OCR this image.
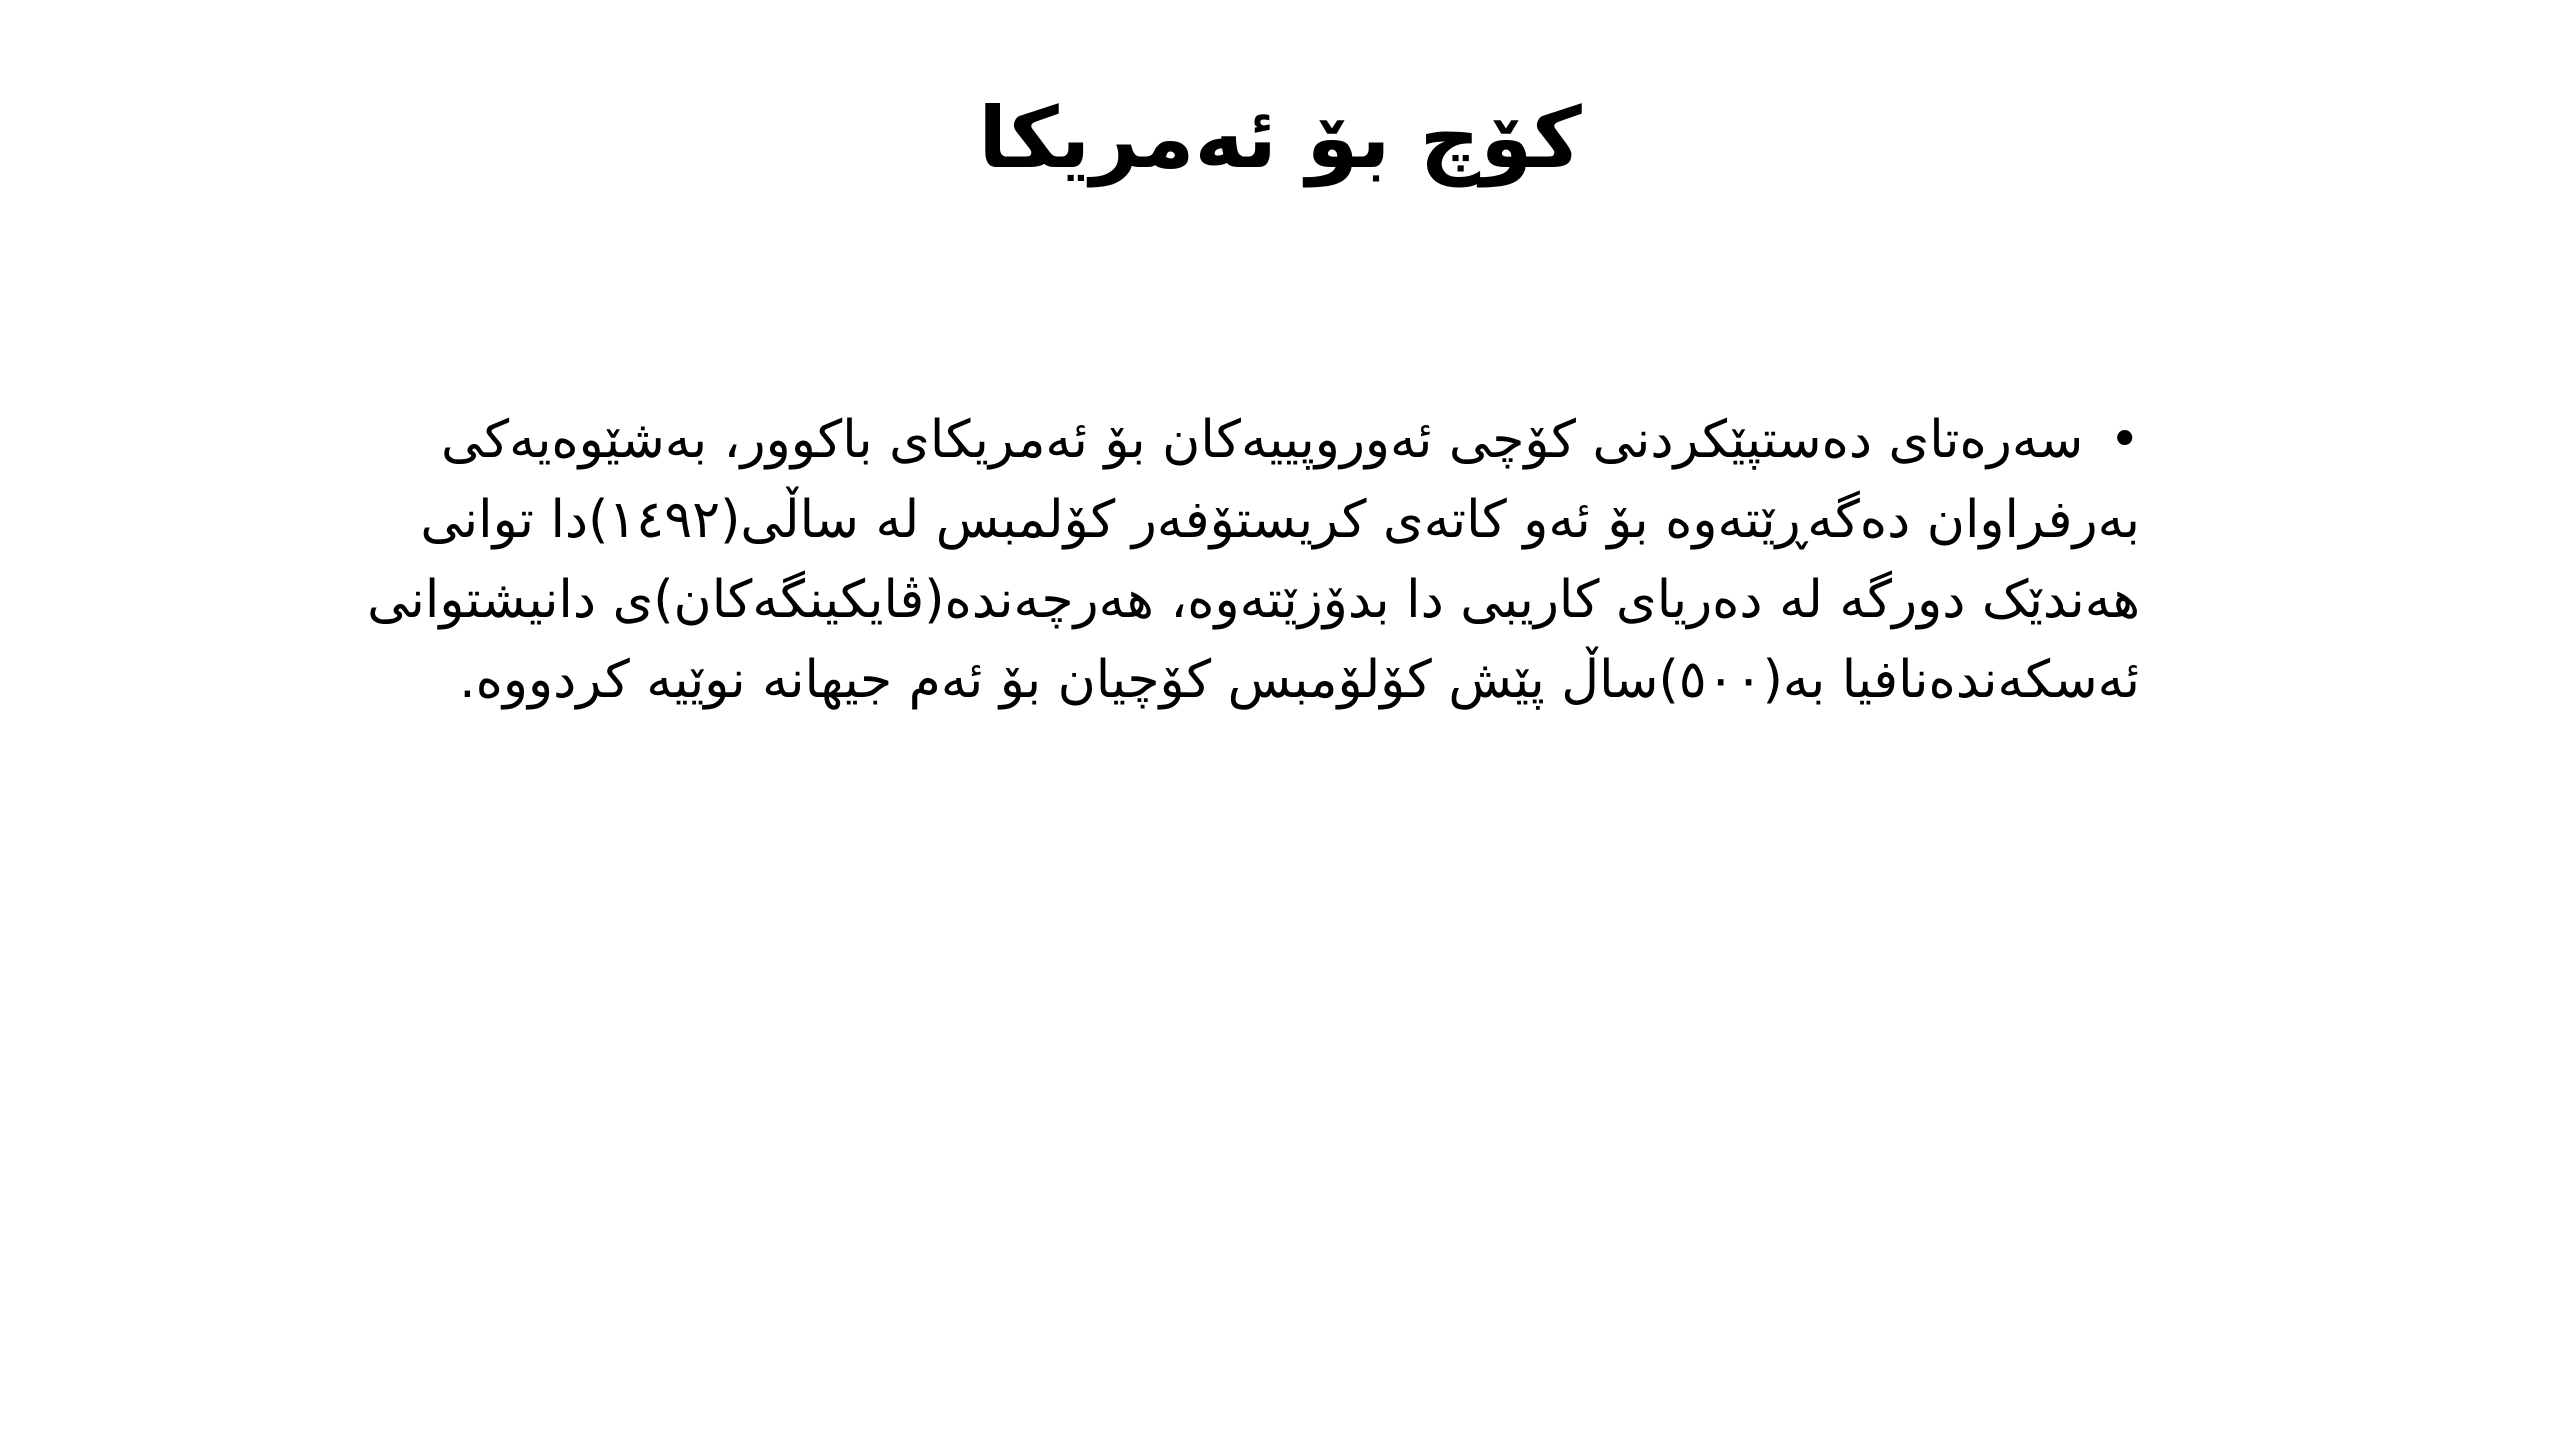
کۆچ بۆ ئەمریکا
•سەرەتای دەستپێکردنی کۆچی ئەوروپییەکان بۆ ئەمریکای باکوور، بەشێوەیەکی
بەرفراوان دەگەڕێتەوە بۆ ئەو کاتەی کریستۆفەر کۆلمبس لە ساڵی(١٤٩٢)دا توانی
هەندێک دورگە لە دەریای کاریبی دا بدۆزێتەوە، هەرچەندە(ڤایکینگەکان)ی دانیشتوانی
ئەسکەندەنافیا بە(٥٠٠)ساڵ پێش کۆلۆمبس کۆچیان بۆ ئەم جیهانە نوێیە کردووە.
